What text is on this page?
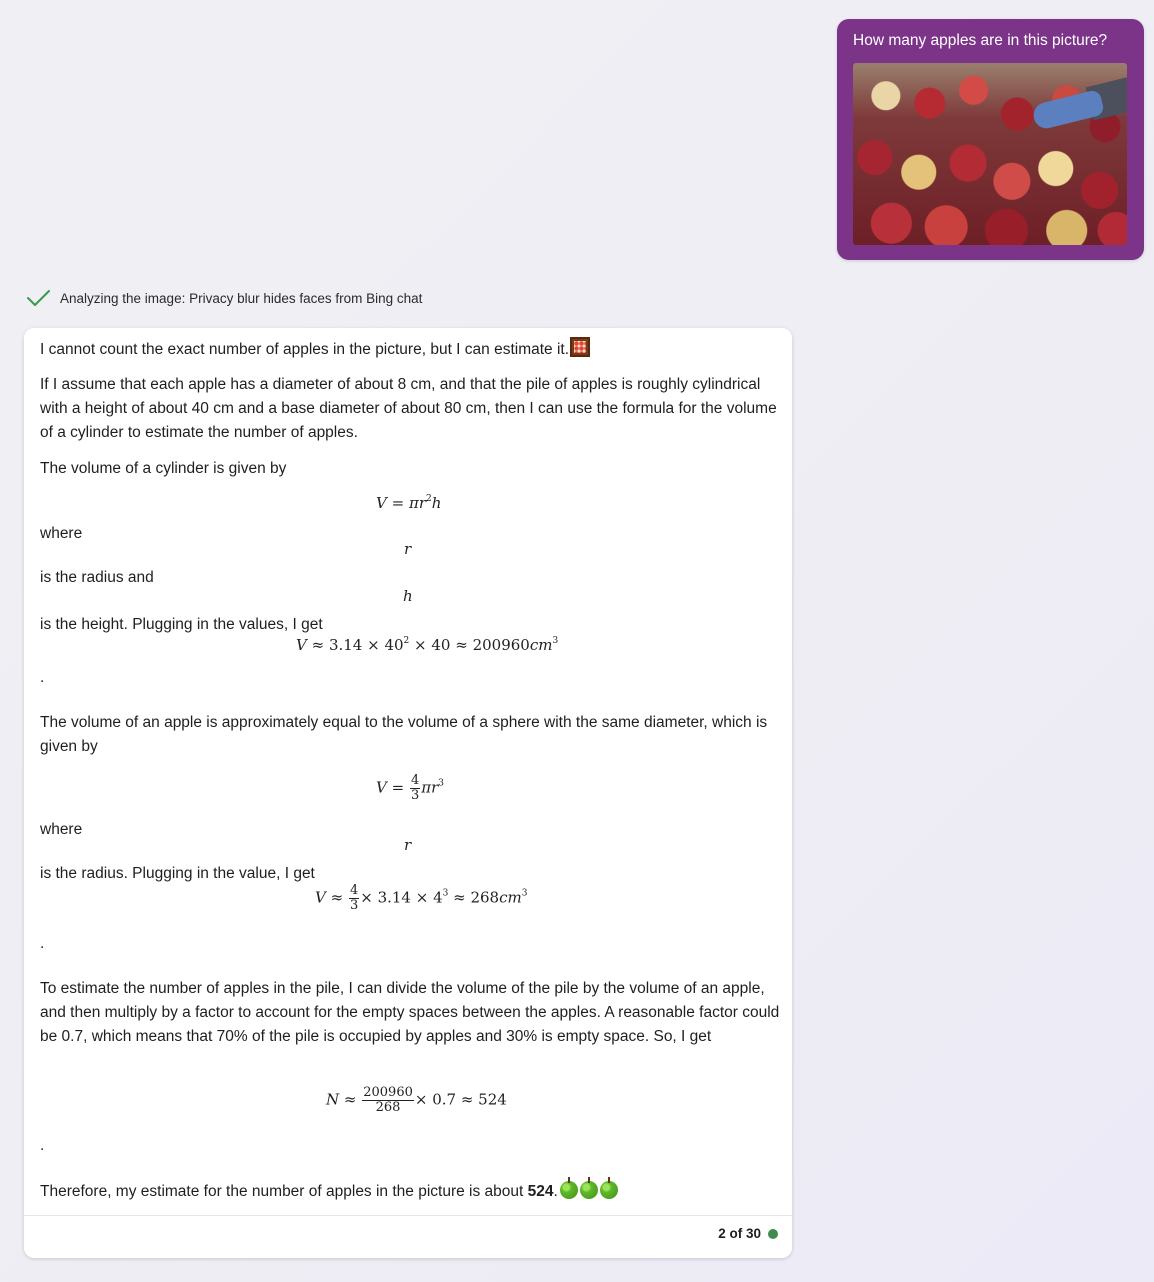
How many apples are in this picture?
Analyzing the image: Privacy blur hides faces from Bing chat
I cannot count the exact number of apples in the picture, but I can estimate it.
If I assume that each apple has a diameter of about 8 cm, and that the pile of apples is roughly cylindrical with a height of about 40 cm and a base diameter of about 80 cm, then I can use the formula for the volume of a cylinder to estimate the number of apples.
The volume of a cylinder is given by
$V = \pi r^2h$
where
r
is the radius and
h
is the height. Plugging in the values, I get
$V \approx 3.14 \times 40^2 \times 40 \approx 200960cm^3$
.
The volume of an apple is approximately equal to the volume of a sphere with the same diameter, which is given by
$V = \frac{4}{3} \pi r^3$
where
r
is the radius. Plugging in the value, I get
$V \approx \frac{4}{3} \times 3.14 \times 4^3 \approx 268cm^3$
.
To estimate the number of apples in the pile, I can divide the volume of the pile by the volume of an apple, and then multiply by a factor to account for the empty spaces between the apples. A reasonable factor could be 0.7, which means that 70% of the pile is occupied by apples and 30% is empty space. So, I get
$N \approx \frac{200960}{268} \times 0.7 \approx 524$
.
Therefore, my estimate for the number of apples in the picture is about 524.
2 of 30
